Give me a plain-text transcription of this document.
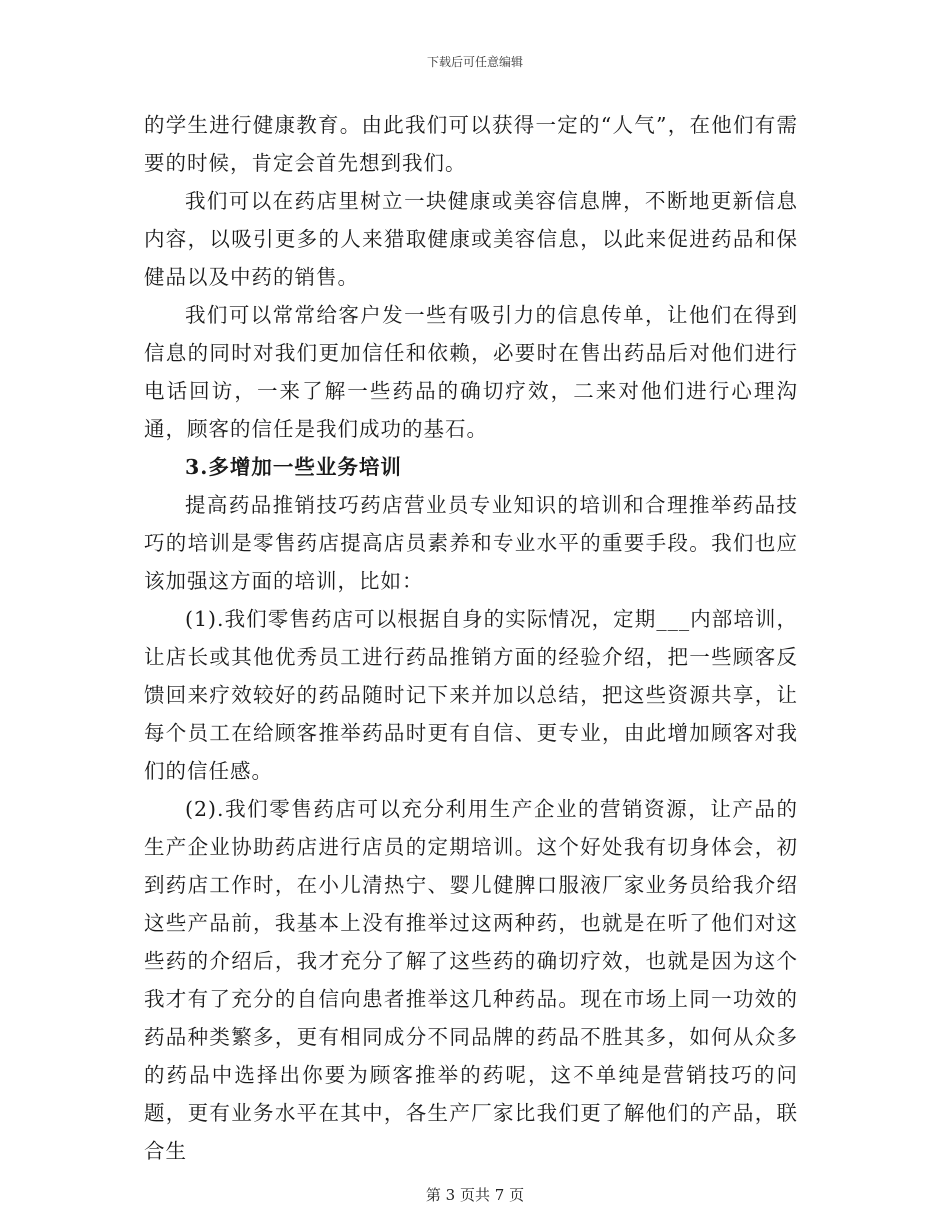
下载后可任意编辑

的学生进行健康教育。由此我们可以获得一定的“人气”，在他们有需要的时候，肯定会首先想到我们。

我们可以在药店里树立一块健康或美容信息牌，不断地更新信息内容，以吸引更多的人来猎取健康或美容信息，以此来促进药品和保健品以及中药的销售。

我们可以常常给客户发一些有吸引力的信息传单，让他们在得到信息的同时对我们更加信任和依赖，必要时在售出药品后对他们进行电话回访，一来了解一些药品的确切疗效，二来对他们进行心理沟通，顾客的信任是我们成功的基石。

3.多增加一些业务培训

提高药品推销技巧药店营业员专业知识的培训和合理推举药品技巧的培训是零售药店提高店员素养和专业水平的重要手段。我们也应该加强这方面的培训，比如：

(1).我们零售药店可以根据自身的实际情况，定期___内部培训，让店长或其他优秀员工进行药品推销方面的经验介绍，把一些顾客反馈回来疗效较好的药品随时记下来并加以总结，把这些资源共享，让每个员工在给顾客推举药品时更有自信、更专业，由此增加顾客对我们的信任感。

(2).我们零售药店可以充分利用生产企业的营销资源，让产品的生产企业协助药店进行店员的定期培训。这个好处我有切身体会，初到药店工作时，在小儿清热宁、婴儿健脾口服液厂家业务员给我介绍这些产品前，我基本上没有推举过这两种药，也就是在听了他们对这些药的介绍后，我才充分了解了这些药的确切疗效，也就是因为这个我才有了充分的自信向患者推举这几种药品。现在市场上同一功效的药品种类繁多，更有相同成分不同品牌的药品不胜其多，如何从众多的药品中选择出你要为顾客推举的药呢，这不单纯是营销技巧的问题，更有业务水平在其中，各生产厂家比我们更了解他们的产品，联合生

第 3 页共 7 页
